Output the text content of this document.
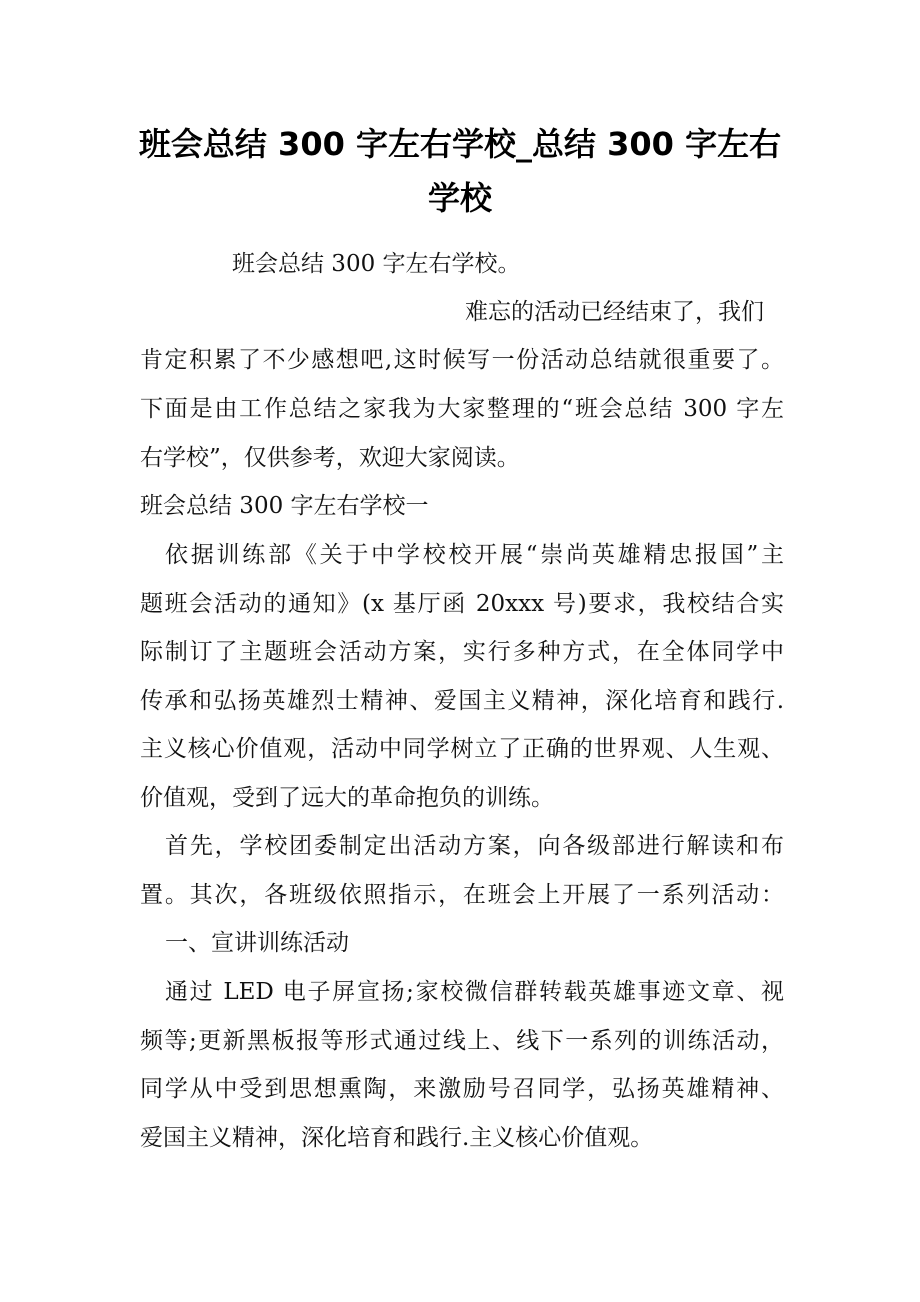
班会总结 300 字左右学校_总结 300 字左右
学校
班会总结 300 字左右学校。
难忘的活动已经结束了，我们
肯定积累了不少感想吧,这时候写一份活动总结就很重要了。
下面是由工作总结之家我为大家整理的“班会总结 300 字左
右学校”，仅供参考，欢迎大家阅读。
班会总结 300 字左右学校一
依据训练部《关于中学校校开展“崇尚英雄精忠报国”主
题班会活动的通知》(x 基厅函 20xxx 号)要求，我校结合实
际制订了主题班会活动方案，实行多种方式，在全体同学中
传承和弘扬英雄烈士精神、爱国主义精神，深化培育和践行.
主义核心价值观，活动中同学树立了正确的世界观、人生观、
价值观，受到了远大的革命抱负的训练。
首先，学校团委制定出活动方案，向各级部进行解读和布
置。其次，各班级依照指示，在班会上开展了一系列活动：
一、宣讲训练活动
通过 LED 电子屏宣扬;家校微信群转载英雄事迹文章、视
频等;更新黑板报等形式通过线上、线下一系列的训练活动，
同学从中受到思想熏陶，来激励号召同学，弘扬英雄精神、
爱国主义精神，深化培育和践行.主义核心价值观。
